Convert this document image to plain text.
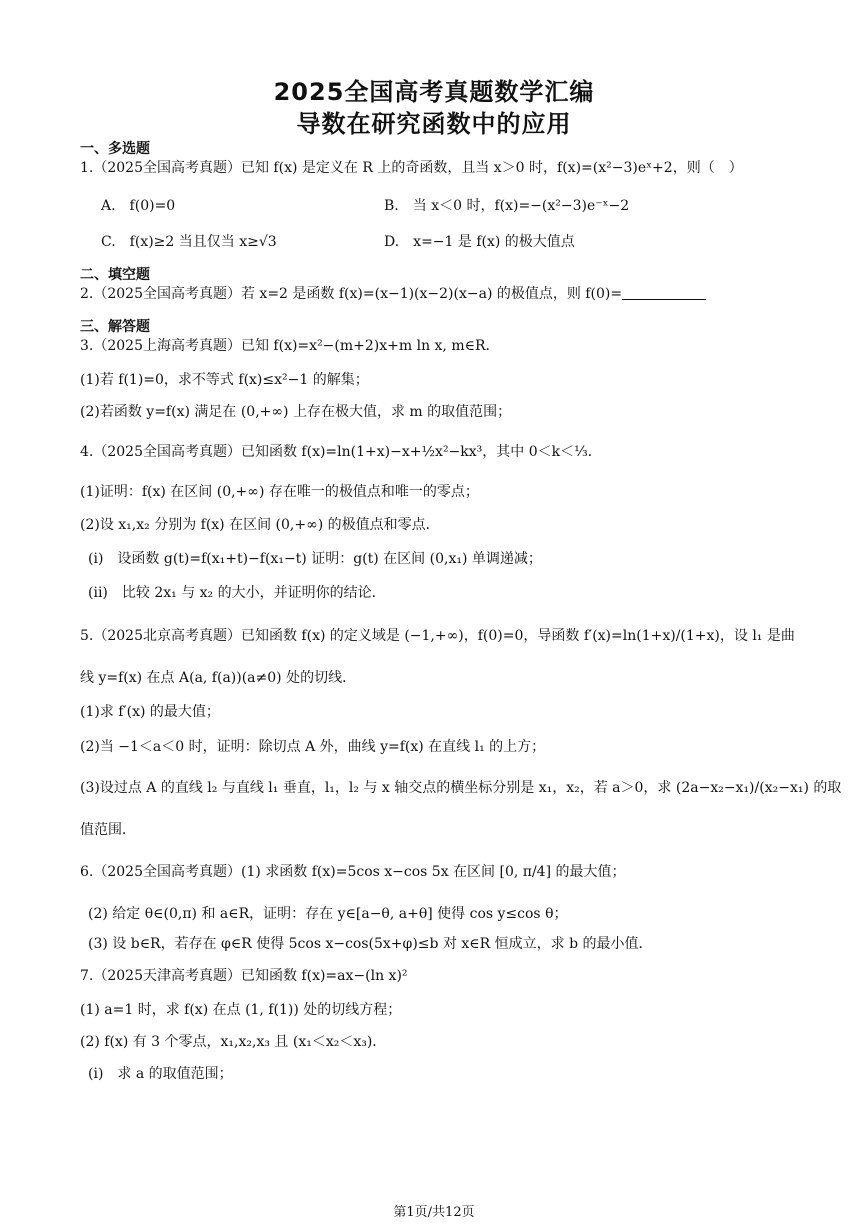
2025全国高考真题数学汇编
导数在研究函数中的应用
一、多选题
1.（2025全国高考真题）已知 f(x) 是定义在 R 上的奇函数，且当 x＞0 时，f(x)=(x²−3)eˣ+2，则（　）
A.　f(0)=0	B.　当 x＜0 时，f(x)=−(x²−3)e⁻ˣ−2
C.　f(x)≥2 当且仅当 x≥√3	D.　x=−1 是 f(x) 的极大值点
二、填空题
2.（2025全国高考真题）若 x=2 是函数 f(x)=(x−1)(x−2)(x−a) 的极值点，则 f(0)=
三、解答题
3.（2025上海高考真题）已知 f(x)=x²−(m+2)x+m ln x, m∈R．
(1)若 f(1)=0，求不等式 f(x)≤x²−1 的解集；
(2)若函数 y=f(x) 满足在 (0,+∞) 上存在极大值，求 m 的取值范围；
4.（2025全国高考真题）已知函数 f(x)=ln(1+x)−x+½x²−kx³，其中 0＜k＜⅓．
(1)证明：f(x) 在区间 (0,+∞) 存在唯一的极值点和唯一的零点；
(2)设 x₁,x₂ 分别为 f(x) 在区间 (0,+∞) 的极值点和零点．
(i)　设函数 g(t)=f(x₁+t)−f(x₁−t) 证明：g(t) 在区间 (0,x₁) 单调递减；
(ii)　比较 2x₁ 与 x₂ 的大小，并证明你的结论．
5.（2025北京高考真题）已知函数 f(x) 的定义域是 (−1,+∞)，f(0)=0，导函数 f′(x)=ln(1+x)/(1+x)，设 l₁ 是曲
线 y=f(x) 在点 A(a, f(a))(a≠0) 处的切线．
(1)求 f′(x) 的最大值；
(2)当 −1＜a＜0 时，证明：除切点 A 外，曲线 y=f(x) 在直线 l₁ 的上方；
(3)设过点 A 的直线 l₂ 与直线 l₁ 垂直，l₁，l₂ 与 x 轴交点的横坐标分别是 x₁，x₂，若 a＞0，求 (2a−x₂−x₁)/(x₂−x₁) 的取
值范围．
6.（2025全国高考真题）(1) 求函数 f(x)=5cos x−cos 5x 在区间 [0, π/4] 的最大值；
(2) 给定 θ∈(0,π) 和 a∈R，证明：存在 y∈[a−θ, a+θ] 使得 cos y≤cos θ；
(3) 设 b∈R，若存在 φ∈R 使得 5cos x−cos(5x+φ)≤b 对 x∈R 恒成立，求 b 的最小值．
7.（2025天津高考真题）已知函数 f(x)=ax−(ln x)²
(1) a=1 时，求 f(x) 在点 (1, f(1)) 处的切线方程；
(2) f(x) 有 3 个零点，x₁,x₂,x₃ 且 (x₁＜x₂＜x₃)．
(i)　求 a 的取值范围；
第1页/共12页
